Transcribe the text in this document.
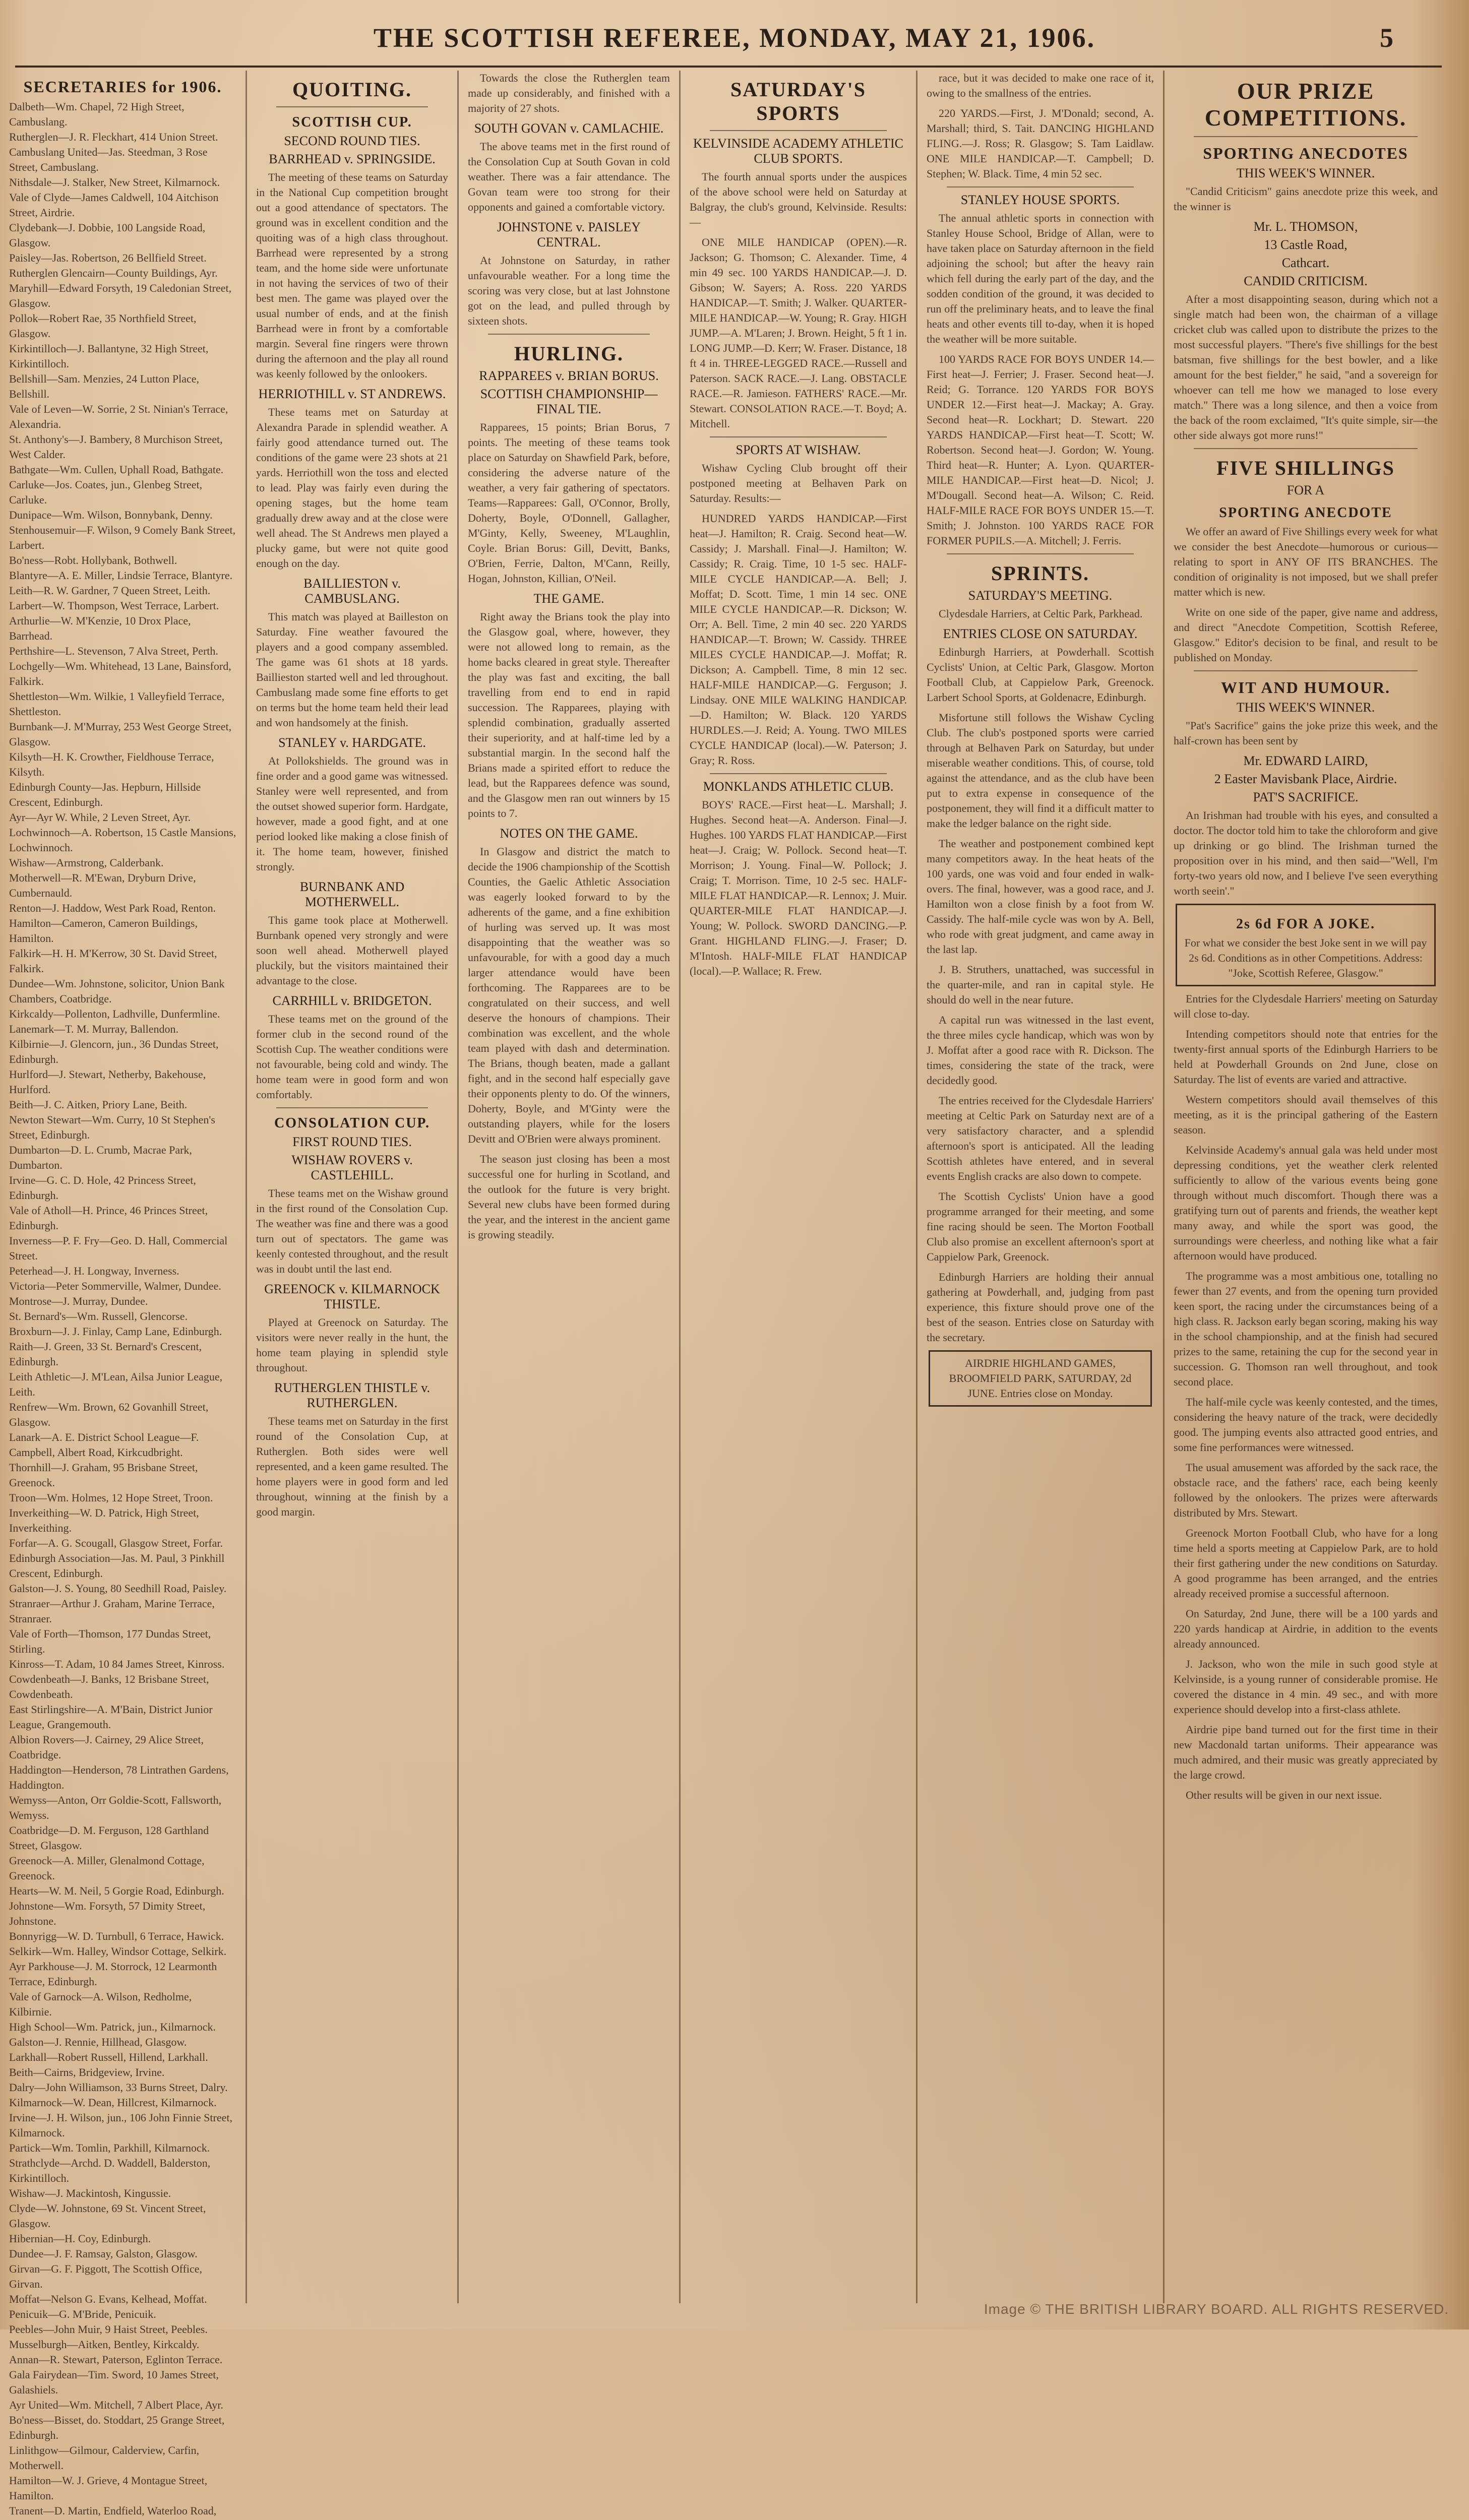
THE SCOTTISH REFEREE, MONDAY, MAY 21, 1906.	5
SECRETARIES for 1906.
Dalbeth—Wm. Chapel, 72 High Street, Cambuslang.
Rutherglen—J. R. Fleckhart, 414 Union Street.
Cambuslang United—Jas. Steedman, 3 Rose Street, Cambuslang.
Nithsdale—J. Stalker, New Street, Kilmarnock.
Vale of Clyde—James Caldwell, 104 Aitchison Street, Airdrie.
Clydebank—J. Dobbie, 100 Langside Road, Glasgow.
Paisley—Jas. Robertson, 26 Bellfield Street.
Rutherglen Glencairn—County Buildings, Ayr.
Maryhill—Edward Forsyth, 19 Caledonian Street, Glasgow.
Pollok—Robert Rae, 35 Northfield Street, Glasgow.
Kirkintilloch—J. Ballantyne, 32 High Street, Kirkintilloch.
Bellshill—Sam. Menzies, 24 Lutton Place, Bellshill.
Vale of Leven—W. Sorrie, 2 St. Ninian's Terrace, Alexandria.
St. Anthony's—J. Bambery, 8 Murchison Street, West Calder.
Bathgate—Wm. Cullen, Uphall Road, Bathgate.
Carluke—Jos. Coates, jun., Glenbeg Street, Carluke.
Dunipace—Wm. Wilson, Bonnybank, Denny.
Stenhousemuir—F. Wilson, 9 Comely Bank Street, Larbert.
Bo'ness—Robt. Hollybank, Bothwell.
Blantyre—A. E. Miller, Lindsie Terrace, Blantyre.
Leith—R. W. Gardner, 7 Queen Street, Leith.
Larbert—W. Thompson, West Terrace, Larbert.
Arthurlie—W. M'Kenzie, 10 Drox Place, Barrhead.
Perthshire—L. Stevenson, 7 Alva Street, Perth.
Lochgelly—Wm. Whitehead, 13 Lane, Bainsford, Falkirk.
Shettleston—Wm. Wilkie, 1 Valleyfield Terrace, Shettleston.
Burnbank—J. M'Murray, 253 West George Street, Glasgow.
Kilsyth—H. K. Crowther, Fieldhouse Terrace, Kilsyth.
Edinburgh County—Jas. Hepburn, Hillside Crescent, Edinburgh.
Ayr—Ayr W. While, 2 Leven Street, Ayr.
Lochwinnoch—A. Robertson, 15 Castle Mansions, Lochwinnoch.
Wishaw—Armstrong, Calderbank.
Motherwell—R. M'Ewan, Dryburn Drive, Cumbernauld.
Renton—J. Haddow, West Park Road, Renton.
Hamilton—Cameron, Cameron Buildings, Hamilton.
Falkirk—H. H. M'Kerrow, 30 St. David Street, Falkirk.
Dundee—Wm. Johnstone, solicitor, Union Bank Chambers, Coatbridge.
Kirkcaldy—Pollenton, Ladhville, Dunfermline.
Lanemark—T. M. Murray, Ballendon.
Kilbirnie—J. Glencorn, jun., 36 Dundas Street, Edinburgh.
Hurlford—J. Stewart, Netherby, Bakehouse, Hurlford.
Beith—J. C. Aitken, Priory Lane, Beith.
Newton Stewart—Wm. Curry, 10 St Stephen's Street, Edinburgh.
Dumbarton—D. L. Crumb, Macrae Park, Dumbarton.
Irvine—G. C. D. Hole, 42 Princess Street, Edinburgh.
Vale of Atholl—H. Prince, 46 Princes Street, Edinburgh.
Inverness—P. F. Fry—Geo. D. Hall, Commercial Street.
Peterhead—J. H. Longway, Inverness.
Victoria—Peter Sommerville, Walmer, Dundee.
Montrose—J. Murray, Dundee.
St. Bernard's—Wm. Russell, Glencorse.
Broxburn—J. J. Finlay, Camp Lane, Edinburgh.
Raith—J. Green, 33 St. Bernard's Crescent, Edinburgh.
Leith Athletic—J. M'Lean, Ailsa Junior League, Leith.
Renfrew—Wm. Brown, 62 Govanhill Street, Glasgow.
Lanark—A. E. District School League—F. Campbell, Albert Road, Kirkcudbright.
Thornhill—J. Graham, 95 Brisbane Street, Greenock.
Troon—Wm. Holmes, 12 Hope Street, Troon.
Inverkeithing—W. D. Patrick, High Street, Inverkeithing.
Forfar—A. G. Scougall, Glasgow Street, Forfar.
Edinburgh Association—Jas. M. Paul, 3 Pinkhill Crescent, Edinburgh.
Galston—J. S. Young, 80 Seedhill Road, Paisley.
Stranraer—Arthur J. Graham, Marine Terrace, Stranraer.
Vale of Forth—Thomson, 177 Dundas Street, Stirling.
Kinross—T. Adam, 10 84 James Street, Kinross.
Cowdenbeath—J. Banks, 12 Brisbane Street, Cowdenbeath.
East Stirlingshire—A. M'Bain, District Junior League, Grangemouth.
Albion Rovers—J. Cairney, 29 Alice Street, Coatbridge.
Haddington—Henderson, 78 Lintrathen Gardens, Haddington.
Wemyss—Anton, Orr Goldie-Scott, Fallsworth, Wemyss.
Coatbridge—D. M. Ferguson, 128 Garthland Street, Glasgow.
Greenock—A. Miller, Glenalmond Cottage, Greenock.
Hearts—W. M. Neil, 5 Gorgie Road, Edinburgh.
Johnstone—Wm. Forsyth, 57 Dimity Street, Johnstone.
Bonnyrigg—W. D. Turnbull, 6 Terrace, Hawick.
Selkirk—Wm. Halley, Windsor Cottage, Selkirk.
Ayr Parkhouse—J. M. Storrock, 12 Learmonth Terrace, Edinburgh.
Vale of Garnock—A. Wilson, Redholme, Kilbirnie.
High School—Wm. Patrick, jun., Kilmarnock.
Galston—J. Rennie, Hillhead, Glasgow.
Larkhall—Robert Russell, Hillend, Larkhall.
Beith—Cairns, Bridgeview, Irvine.
Dalry—John Williamson, 33 Burns Street, Dalry.
Kilmarnock—W. Dean, Hillcrest, Kilmarnock.
Irvine—J. H. Wilson, jun., 106 John Finnie Street, Kilmarnock.
Partick—Wm. Tomlin, Parkhill, Kilmarnock.
Strathclyde—Archd. D. Waddell, Balderston, Kirkintilloch.
Wishaw—J. Mackintosh, Kingussie.
Clyde—W. Johnstone, 69 St. Vincent Street, Glasgow.
Hibernian—H. Coy, Edinburgh.
Dundee—J. F. Ramsay, Galston, Glasgow.
Girvan—G. F. Piggott, The Scottish Office, Girvan.
Moffat—Nelson G. Evans, Kelhead, Moffat.
Penicuik—G. M'Bride, Penicuik.
Peebles—John Muir, 9 Haist Street, Peebles.
Musselburgh—Aitken, Bentley, Kirkcaldy.
Annan—R. Stewart, Paterson, Eglinton Terrace.
Gala Fairydean—Tim. Sword, 10 James Street, Galashiels.
Ayr United—Wm. Mitchell, 7 Albert Place, Ayr.
Bo'ness—Bisset, do. Stoddart, 25 Grange Street, Edinburgh.
Linlithgow—Gilmour, Calderview, Carfin, Motherwell.
Hamilton—W. J. Grieve, 4 Montague Street, Hamilton.
Tranent—D. Martin, Endfield, Waterloo Road,
QUOITING.
SCOTTISH CUP.
SECOND ROUND TIES.
BARRHEAD v. SPRINGSIDE.

The meeting of these teams on Saturday in the National Cup competition brought out a good attendance of spectators. The ground was in excellent condition and the quoiting was of a high class throughout. Barrhead were represented by a strong team, and the home side were unfortunate in not having the services of two of their best men. The game was played over the usual number of ends, and at the finish Barrhead were in front by a comfortable margin. Several fine ringers were thrown during the afternoon and the play all round was keenly followed by the onlookers.

HERRIOTHILL v. ST ANDREWS.

These teams met on Saturday at Alexandra Parade in splendid weather. A fairly good attendance turned out. The conditions of the game were 23 shots at 21 yards. Herriothill won the toss and elected to lead. Play was fairly even during the opening stages, but the home team gradually drew away and at the close were well ahead. The St Andrews men played a plucky game, but were not quite good enough on the day.

BAILLIESTON v. CAMBUSLANG.

This match was played at Bailleston on Saturday. Fine weather favoured the players and a good company assembled. The game was 61 shots at 18 yards. Baillieston started well and led throughout. Cambuslang made some fine efforts to get on terms but the home team held their lead and won handsomely at the finish.

STANLEY v. HARDGATE.

At Pollokshields. The ground was in fine order and a good game was witnessed. Stanley were well represented, and from the outset showed superior form. Hardgate, however, made a good fight, and at one period looked like making a close finish of it. The home team, however, finished strongly.

BURNBANK AND MOTHERWELL.

This game took place at Motherwell. Burnbank opened very strongly and were soon well ahead. Motherwell played pluckily, but the visitors maintained their advantage to the close.

CARRHILL v. BRIDGETON.

These teams met on the ground of the former club in the second round of the Scottish Cup. The weather conditions were not favourable, being cold and windy. The home team were in good form and won comfortably.

CONSOLATION CUP.
FIRST ROUND TIES.
WISHAW ROVERS v. CASTLEHILL.

These teams met on the Wishaw ground in the first round of the Consolation Cup. The weather was fine and there was a good turn out of spectators. The game was keenly contested throughout, and the result was in doubt until the last end.

GREENOCK v. KILMARNOCK THISTLE.

Played at Greenock on Saturday. The visitors were never really in the hunt, the home team playing in splendid style throughout.

RUTHERGLEN THISTLE v. RUTHERGLEN.

These teams met on Saturday in the first round of the Consolation Cup, at Rutherglen. Both sides were well represented, and a keen game resulted. The home players were in good form and led throughout, winning at the finish by a good margin.

Towards the close the Rutherglen team made up considerably, and finished with a majority of 27 shots.

SOUTH GOVAN v. CAMLACHIE.

The above teams met in the first round of the Consolation Cup at South Govan in cold weather. There was a fair attendance. The Govan team were too strong for their opponents and gained a comfortable victory.

JOHNSTONE v. PAISLEY CENTRAL.

At Johnstone on Saturday, in rather unfavourable weather. For a long time the scoring was very close, but at last Johnstone got on the lead, and pulled through by sixteen shots.

HURLING.
RAPPAREES v. BRIAN BORUS.
SCOTTISH CHAMPIONSHIP—FINAL TIE.

Rapparees, 15 points; Brian Borus, 7 points. The meeting of these teams took place on Saturday on Shawfield Park, before, considering the adverse nature of the weather, a very fair gathering of spectators. Teams—Rapparees: Gall, O'Connor, Brolly, Doherty, Boyle, O'Donnell, Gallagher, M'Ginty, Kelly, Sweeney, M'Laughlin, Coyle. Brian Borus: Gill, Devitt, Banks, O'Brien, Ferrie, Dalton, M'Cann, Reilly, Hogan, Johnston, Killian, O'Neil.

THE GAME.

Right away the Brians took the play into the Glasgow goal, where, however, they were not allowed long to remain, as the home backs cleared in great style. Thereafter the play was fast and exciting, the ball travelling from end to end in rapid succession. The Rapparees, playing with splendid combination, gradually asserted their superiority, and at half-time led by a substantial margin. In the second half the Brians made a spirited effort to reduce the lead, but the Rapparees defence was sound, and the Glasgow men ran out winners by 15 points to 7.

NOTES ON THE GAME.

In Glasgow and district the match to decide the 1906 championship of the Scottish Counties, the Gaelic Athletic Association was eagerly looked forward to by the adherents of the game, and a fine exhibition of hurling was served up. It was most disappointing that the weather was so unfavourable, for with a good day a much larger attendance would have been forthcoming. The Rapparees are to be congratulated on their success, and well deserve the honours of champions. Their combination was excellent, and the whole team played with dash and determination. The Brians, though beaten, made a gallant fight, and in the second half especially gave their opponents plenty to do. Of the winners, Doherty, Boyle, and M'Ginty were the outstanding players, while for the losers Devitt and O'Brien were always prominent.

The season just closing has been a most successful one for hurling in Scotland, and the outlook for the future is very bright. Several new clubs have been formed during the year, and the interest in the ancient game is growing steadily.

SATURDAY'S SPORTS
KELVINSIDE ACADEMY ATHLETIC CLUB SPORTS.

The fourth annual sports under the auspices of the above school were held on Saturday at Balgray, the club's ground, Kelvinside. Results:—

ONE MILE HANDICAP (OPEN).—R. Jackson; G. Thomson; C. Alexander. Time, 4 min 49 sec. 100 YARDS HANDICAP.—J. D. Gibson; W. Sayers; A. Ross. 220 YARDS HANDICAP.—T. Smith; J. Walker. QUARTER-MILE HANDICAP.—W. Young; R. Gray. HIGH JUMP.—A. M'Laren; J. Brown. Height, 5 ft 1 in. LONG JUMP.—D. Kerr; W. Fraser. Distance, 18 ft 4 in. THREE-LEGGED RACE.—Russell and Paterson. SACK RACE.—J. Lang. OBSTACLE RACE.—R. Jamieson. FATHERS' RACE.—Mr. Stewart. CONSOLATION RACE.—T. Boyd; A. Mitchell.

SPORTS AT WISHAW.

Wishaw Cycling Club brought off their postponed meeting at Belhaven Park on Saturday. Results:—

HUNDRED YARDS HANDICAP.—First heat—J. Hamilton; R. Craig. Second heat—W. Cassidy; J. Marshall. Final—J. Hamilton; W. Cassidy; R. Craig. Time, 10 1-5 sec. HALF-MILE CYCLE HANDICAP.—A. Bell; J. Moffat; D. Scott. Time, 1 min 14 sec. ONE MILE CYCLE HANDICAP.—R. Dickson; W. Orr; A. Bell. Time, 2 min 40 sec. 220 YARDS HANDICAP.—T. Brown; W. Cassidy. THREE MILES CYCLE HANDICAP.—J. Moffat; R. Dickson; A. Campbell. Time, 8 min 12 sec. HALF-MILE HANDICAP.—G. Ferguson; J. Lindsay. ONE MILE WALKING HANDICAP.—D. Hamilton; W. Black. 120 YARDS HURDLES.—J. Reid; A. Young. TWO MILES CYCLE HANDICAP (local).—W. Paterson; J. Gray; R. Ross.

MONKLANDS ATHLETIC CLUB.

BOYS' RACE.—First heat—L. Marshall; J. Hughes. Second heat—A. Anderson. Final—J. Hughes. 100 YARDS FLAT HANDICAP.—First heat—J. Craig; W. Pollock. Second heat—T. Morrison; J. Young. Final—W. Pollock; J. Craig; T. Morrison. Time, 10 2-5 sec. HALF-MILE FLAT HANDICAP.—R. Lennox; J. Muir. QUARTER-MILE FLAT HANDICAP.—J. Young; W. Pollock. SWORD DANCING.—P. Grant. HIGHLAND FLING.—J. Fraser; D. M'Intosh. HALF-MILE FLAT HANDICAP (local).—P. Wallace; R. Frew.

race, but it was decided to make one race of it, owing to the smallness of the entries.

220 YARDS.—First, J. M'Donald; second, A. Marshall; third, S. Tait. DANCING HIGHLAND FLING.—J. Ross; R. Glasgow; S. Tam Laidlaw. ONE MILE HANDICAP.—T. Campbell; D. Stephen; W. Black. Time, 4 min 52 sec.

STANLEY HOUSE SPORTS.

The annual athletic sports in connection with Stanley House School, Bridge of Allan, were to have taken place on Saturday afternoon in the field adjoining the school; but after the heavy rain which fell during the early part of the day, and the sodden condition of the ground, it was decided to run off the preliminary heats, and to leave the final heats and other events till to-day, when it is hoped the weather will be more suitable.

100 YARDS RACE FOR BOYS UNDER 14.—First heat—J. Ferrier; J. Fraser. Second heat—J. Reid; G. Torrance. 120 YARDS FOR BOYS UNDER 12.—First heat—J. Mackay; A. Gray. Second heat—R. Lockhart; D. Stewart. 220 YARDS HANDICAP.—First heat—T. Scott; W. Robertson. Second heat—J. Gordon; W. Young. Third heat—R. Hunter; A. Lyon. QUARTER-MILE HANDICAP.—First heat—D. Nicol; J. M'Dougall. Second heat—A. Wilson; C. Reid. HALF-MILE RACE FOR BOYS UNDER 15.—T. Smith; J. Johnston. 100 YARDS RACE FOR FORMER PUPILS.—A. Mitchell; J. Ferris.

SPRINTS.
SATURDAY'S MEETING.

Clydesdale Harriers, at Celtic Park, Parkhead.

ENTRIES CLOSE ON SATURDAY.

Edinburgh Harriers, at Powderhall. Scottish Cyclists' Union, at Celtic Park, Glasgow. Morton Football Club, at Cappielow Park, Greenock. Larbert School Sports, at Goldenacre, Edinburgh.

Misfortune still follows the Wishaw Cycling Club. The club's postponed sports were carried through at Belhaven Park on Saturday, but under miserable weather conditions. This, of course, told against the attendance, and as the club have been put to extra expense in consequence of the postponement, they will find it a difficult matter to make the ledger balance on the right side.

The weather and postponement combined kept many competitors away. In the heat heats of the 100 yards, one was void and four ended in walk-overs. The final, however, was a good race, and J. Hamilton won a close finish by a foot from W. Cassidy. The half-mile cycle was won by A. Bell, who rode with great judgment, and came away in the last lap.

J. B. Struthers, unattached, was successful in the quarter-mile, and ran in capital style. He should do well in the near future.

A capital run was witnessed in the last event, the three miles cycle handicap, which was won by J. Moffat after a good race with R. Dickson. The times, considering the state of the track, were decidedly good.

The entries received for the Clydesdale Harriers' meeting at Celtic Park on Saturday next are of a very satisfactory character, and a splendid afternoon's sport is anticipated. All the leading Scottish athletes have entered, and in several events English cracks are also down to compete.

The Scottish Cyclists' Union have a good programme arranged for their meeting, and some fine racing should be seen. The Morton Football Club also promise an excellent afternoon's sport at Cappielow Park, Greenock.

Edinburgh Harriers are holding their annual gathering at Powderhall, and, judging from past experience, this fixture should prove one of the best of the season. Entries close on Saturday with the secretary.

AIRDRIE HIGHLAND GAMES, BROOMFIELD PARK, SATURDAY, 2d JUNE. Entries close on Monday.
OUR PRIZE COMPETITIONS.
SPORTING ANECDOTES
THIS WEEK'S WINNER.

"Candid Criticism" gains anecdote prize this week, and the winner is

Mr. L. THOMSON,
13 Castle Road,
Cathcart.
CANDID CRITICISM.

After a most disappointing season, during which not a single match had been won, the chairman of a village cricket club was called upon to distribute the prizes to the most successful players. "There's five shillings for the best batsman, five shillings for the best bowler, and a like amount for the best fielder," he said, "and a sovereign for whoever can tell me how we managed to lose every match." There was a long silence, and then a voice from the back of the room exclaimed, "It's quite simple, sir—the other side always got more runs!"

FIVE SHILLINGS
FOR A
SPORTING ANECDOTE

We offer an award of Five Shillings every week for what we consider the best Anecdote—humorous or curious—relating to sport in ANY OF ITS BRANCHES. The condition of originality is not imposed, but we shall prefer matter which is new.

Write on one side of the paper, give name and address, and direct "Anecdote Competition, Scottish Referee, Glasgow." Editor's decision to be final, and result to be published on Monday.

WIT AND HUMOUR.
THIS WEEK'S WINNER.

"Pat's Sacrifice" gains the joke prize this week, and the half-crown has been sent by

Mr. EDWARD LAIRD,
2 Easter Mavisbank Place, Airdrie.
PAT'S SACRIFICE.

An Irishman had trouble with his eyes, and consulted a doctor. The doctor told him to take the chloroform and give up drinking or go blind. The Irishman turned the proposition over in his mind, and then said—"Well, I'm forty-two years old now, and I believe I've seen everything worth seein'."

2s 6d FOR A JOKE.
For what we consider the best Joke sent in we will pay 2s 6d. Conditions as in other Competitions. Address: "Joke, Scottish Referee, Glasgow."

Entries for the Clydesdale Harriers' meeting on Saturday will close to-day.

Intending competitors should note that entries for the twenty-first annual sports of the Edinburgh Harriers to be held at Powderhall Grounds on 2nd June, close on Saturday. The list of events are varied and attractive.

Western competitors should avail themselves of this meeting, as it is the principal gathering of the Eastern season.

Kelvinside Academy's annual gala was held under most depressing conditions, yet the weather clerk relented sufficiently to allow of the various events being gone through without much discomfort. Though there was a gratifying turn out of parents and friends, the weather kept many away, and while the sport was good, the surroundings were cheerless, and nothing like what a fair afternoon would have produced.

The programme was a most ambitious one, totalling no fewer than 27 events, and from the opening turn provided keen sport, the racing under the circumstances being of a high class. R. Jackson early began scoring, making his way in the school championship, and at the finish had secured prizes to the same, retaining the cup for the second year in succession. G. Thomson ran well throughout, and took second place.

The half-mile cycle was keenly contested, and the times, considering the heavy nature of the track, were decidedly good. The jumping events also attracted good entries, and some fine performances were witnessed.

The usual amusement was afforded by the sack race, the obstacle race, and the fathers' race, each being keenly followed by the onlookers. The prizes were afterwards distributed by Mrs. Stewart.

Greenock Morton Football Club, who have for a long time held a sports meeting at Cappielow Park, are to hold their first gathering under the new conditions on Saturday. A good programme has been arranged, and the entries already received promise a successful afternoon.

On Saturday, 2nd June, there will be a 100 yards and 220 yards handicap at Airdrie, in addition to the events already announced.

J. Jackson, who won the mile in such good style at Kelvinside, is a young runner of considerable promise. He covered the distance in 4 min. 49 sec., and with more experience should develop into a first-class athlete.

Airdrie pipe band turned out for the first time in their new Macdonald tartan uniforms. Their appearance was much admired, and their music was greatly appreciated by the large crowd.

Other results will be given in our next issue.

Image © THE BRITISH LIBRARY BOARD. ALL RIGHTS RESERVED.
